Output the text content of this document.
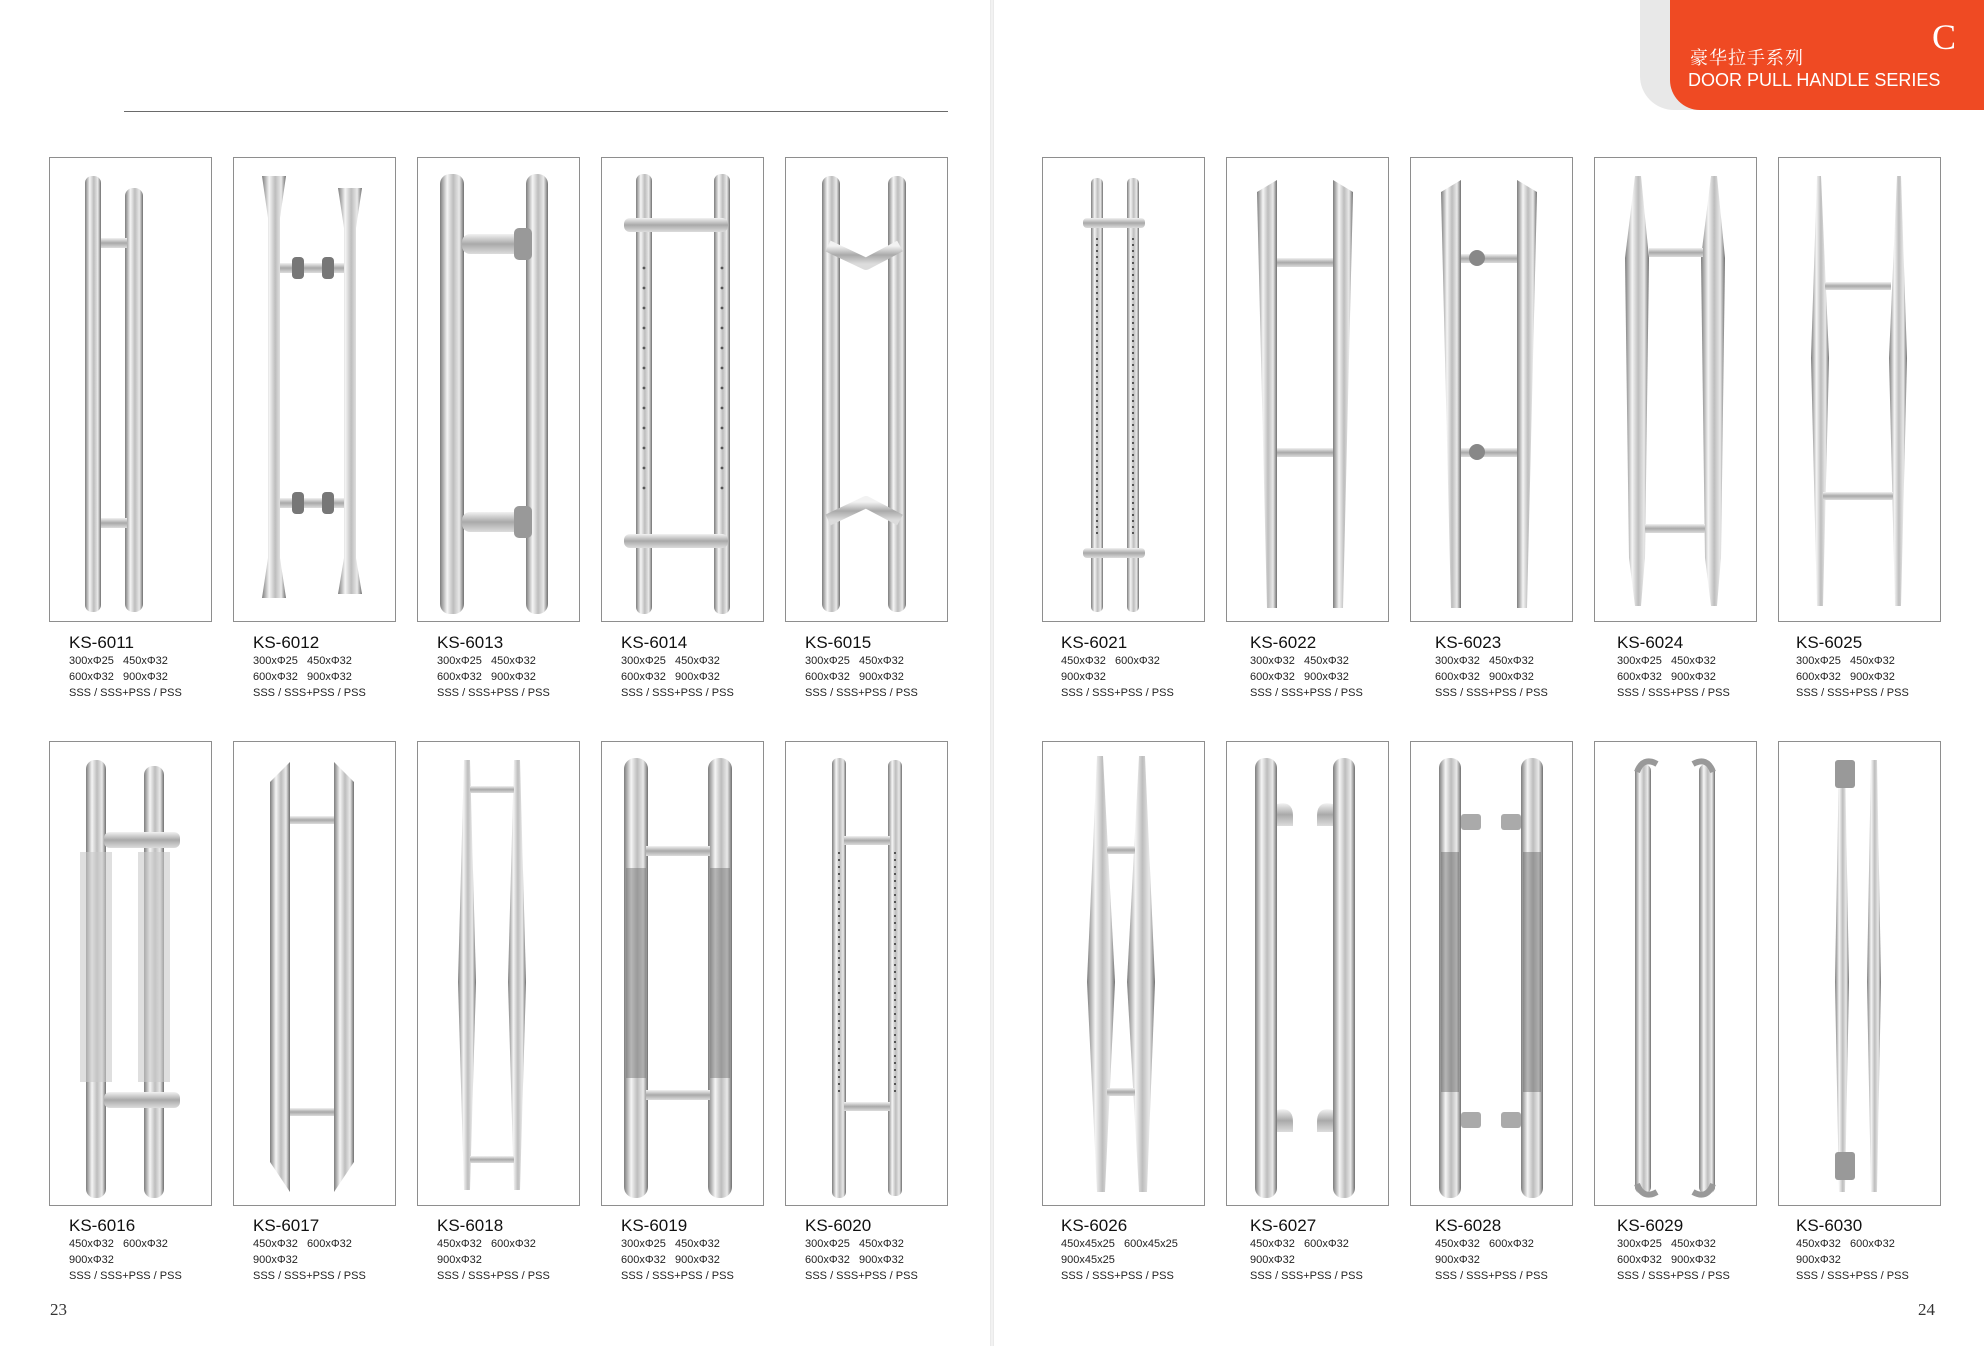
豪华拉手系列
DOOR PULL HANDLE SERIES
C
23	24

KS-6011

300xΦ25   450xΦ32

600xΦ32   900xΦ32

SSS / SSS+PSS / PSS

KS-6012

300xΦ25   450xΦ32

600xΦ32   900xΦ32

SSS / SSS+PSS / PSS

KS-6013

300xΦ25   450xΦ32

600xΦ32   900xΦ32

SSS / SSS+PSS / PSS

KS-6014

300xΦ25   450xΦ32

600xΦ32   900xΦ32

SSS / SSS+PSS / PSS

KS-6015

300xΦ25   450xΦ32

600xΦ32   900xΦ32

SSS / SSS+PSS / PSS

KS-6021

450xΦ32   600xΦ32

900xΦ32

SSS / SSS+PSS / PSS

KS-6022

300xΦ32   450xΦ32

600xΦ32   900xΦ32

SSS / SSS+PSS / PSS

KS-6023

300xΦ32   450xΦ32

600xΦ32   900xΦ32

SSS / SSS+PSS / PSS

KS-6024

300xΦ25   450xΦ32

600xΦ32   900xΦ32

SSS / SSS+PSS / PSS

KS-6025

300xΦ25   450xΦ32

600xΦ32   900xΦ32

SSS / SSS+PSS / PSS

KS-6016

450xΦ32   600xΦ32

900xΦ32

SSS / SSS+PSS / PSS

KS-6017

450xΦ32   600xΦ32

900xΦ32

SSS / SSS+PSS / PSS

KS-6018

450xΦ32   600xΦ32

900xΦ32

SSS / SSS+PSS / PSS

KS-6019

300xΦ25   450xΦ32

600xΦ32   900xΦ32

SSS / SSS+PSS / PSS

KS-6020

300xΦ25   450xΦ32

600xΦ32   900xΦ32

SSS / SSS+PSS / PSS

KS-6026

450x45x25   600x45x25

900x45x25

SSS / SSS+PSS / PSS

KS-6027

450xΦ32   600xΦ32

900xΦ32

SSS / SSS+PSS / PSS

KS-6028

450xΦ32   600xΦ32

900xΦ32

SSS / SSS+PSS / PSS

KS-6029

300xΦ25   450xΦ32

600xΦ32   900xΦ32

SSS / SSS+PSS / PSS

KS-6030

450xΦ32   600xΦ32

900xΦ32

SSS / SSS+PSS / PSS
